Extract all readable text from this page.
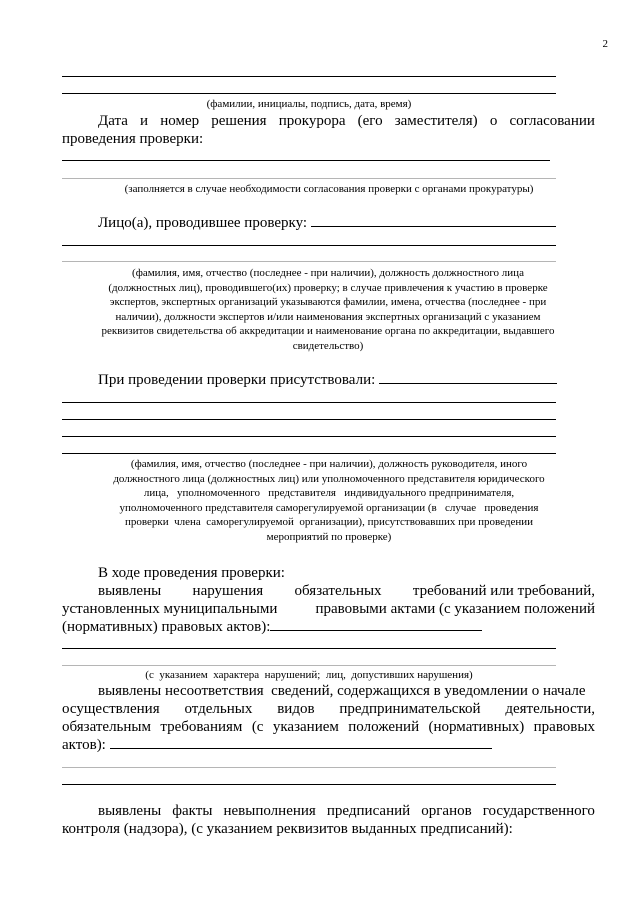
2
(фамилии, инициалы, подпись, дата, время)
Дата и номер решения прокурора (его заместителя) о согласовании
проведения проверки:
(заполняется в случае необходимости согласования проверки с органами прокуратуры)
Лицо(а), проводившее проверку:
(фамилия, имя, отчество (последнее - при наличии), должность должностного лица
(должностных лиц), проводившего(их) проверку; в случае привлечения к участию в проверке
экспертов, экспертных организаций указываются фамилии, имена, отчества (последнее - при
наличии), должности экспертов и/или наименования экспертных организаций с указанием
реквизитов свидетельства об аккредитации и наименование органа по аккредитации, выдавшего
свидетельство)
При проведении проверки присутствовали:
(фамилия, имя, отчество (последнее - при наличии), должность руководителя, иного
должностного лица (должностных лиц) или уполномоченного представителя юридического
лица,   уполномоченного   представителя   индивидуального предпринимателя,
уполномоченного представителя саморегулируемой организации (в   случае   проведения
проверки  члена  саморегулируемой  организации), присутствовавших при проведении
мероприятий по проверке)
В ходе проведения проверки:
выявлены нарушения обязательных требований или требований,
установленных муниципальными	правовыми актами (с указанием положений
(нормативных) правовых актов):
(с  указанием  характера  нарушений;  лиц,  допустивших нарушения)
выявлены несоответствия  сведений, содержащихся в уведомлении о начале
осуществления отдельных видов предпринимательской деятельности,
обязательным требованиям (с указанием положений (нормативных) правовых
актов):
выявлены факты невыполнения предписаний органов государственного
контроля (надзора), (с указанием реквизитов выданных предписаний):
